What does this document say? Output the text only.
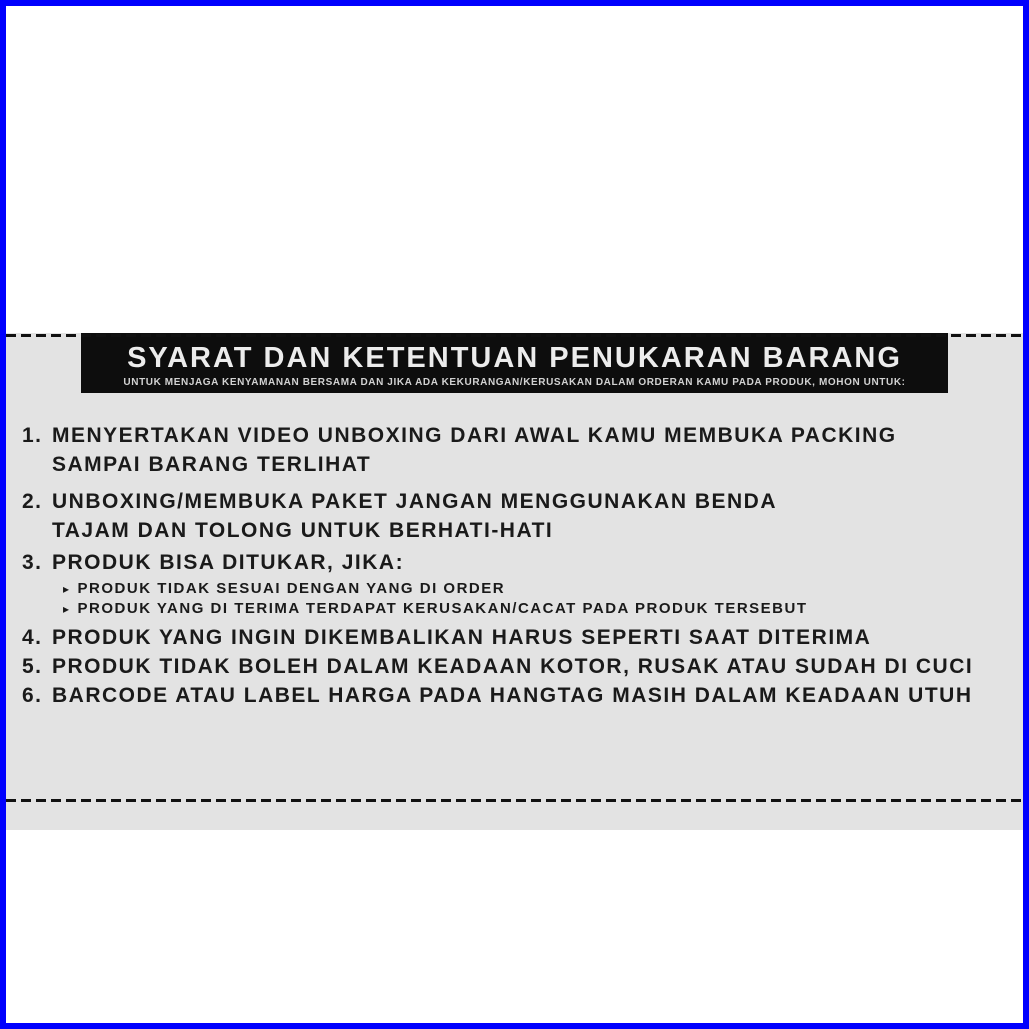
SYARAT DAN KETENTUAN PENUKARAN BARANG
UNTUK MENJAGA KENYAMANAN BERSAMA DAN JIKA ADA KEKURANGAN/KERUSAKAN DALAM ORDERAN KAMU PADA PRODUK, MOHON UNTUK:
1. MENYERTAKAN VIDEO UNBOXING DARI AWAL KAMU MEMBUKA PACKING
SAMPAI BARANG TERLIHAT
2. UNBOXING/MEMBUKA PAKET JANGAN MENGGUNAKAN BENDA
TAJAM DAN TOLONG UNTUK BERHATI-HATI
3. PRODUK BISA DITUKAR, JIKA:
▸ PRODUK TIDAK SESUAI DENGAN YANG DI ORDER
▸ PRODUK YANG DI TERIMA TERDAPAT KERUSAKAN/CACAT PADA PRODUK TERSEBUT
4. PRODUK YANG INGIN DIKEMBALIKAN HARUS SEPERTI SAAT DITERIMA
5. PRODUK TIDAK BOLEH DALAM KEADAAN KOTOR, RUSAK ATAU SUDAH DI CUCI
6. BARCODE ATAU LABEL HARGA PADA HANGTAG MASIH DALAM KEADAAN UTUH
